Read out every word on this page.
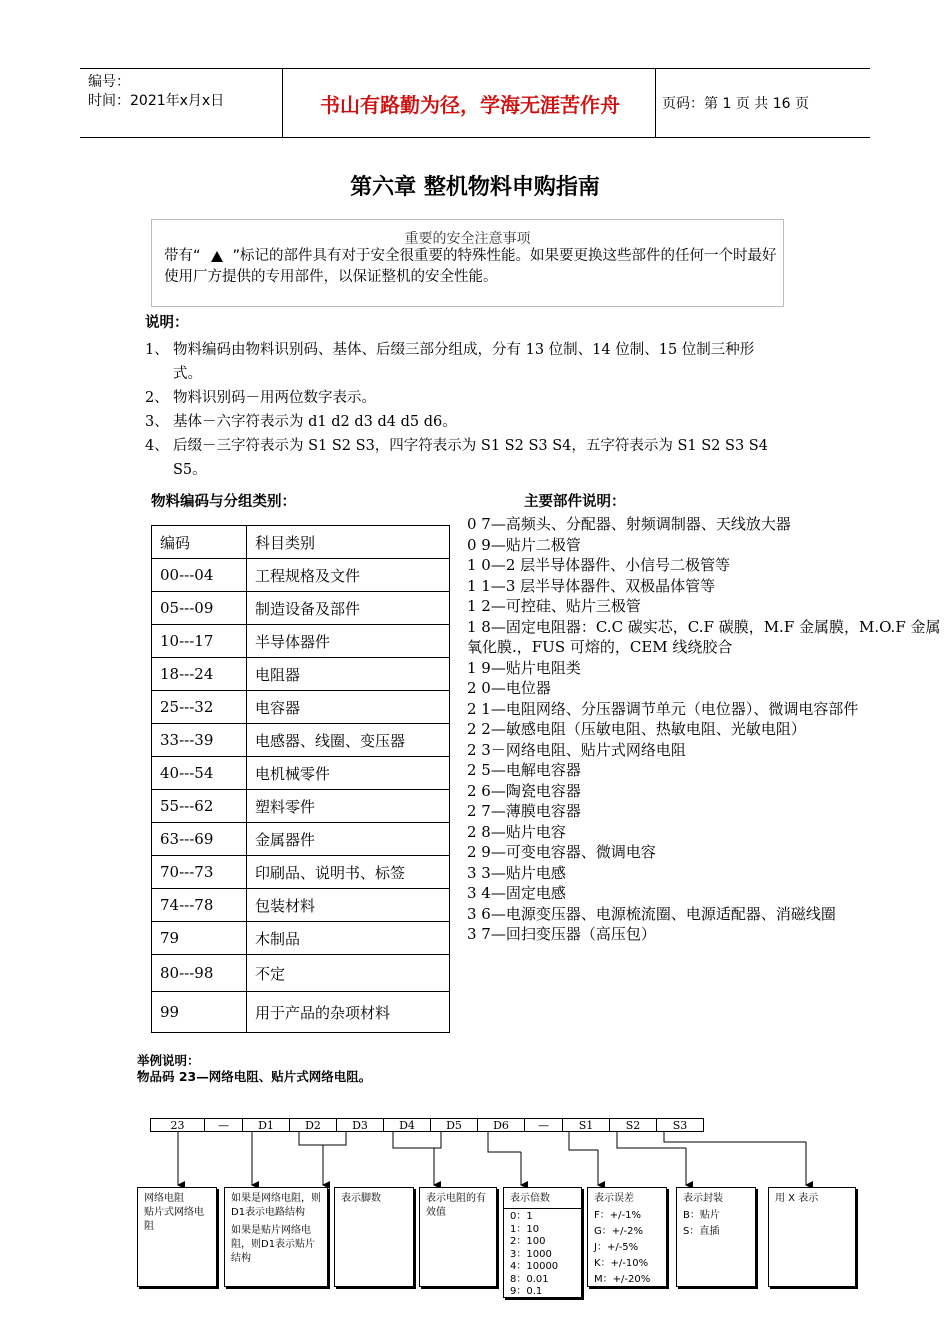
编号：
时间：2021年x月x日	书山有路勤为径，学海无涯苦作舟	页码：第 1 页 共 16 页
第六章 整机物料申购指南
重要的安全注意事项
带有“ ”标记的部件具有对于安全很重要的特殊性能。如果要更换这些部件的任何一个时最好使用厂方提供的专用部件，以保证整机的安全性能。
说明：
1、 物料编码由物料识别码、基体、后缀三部分组成，分有 13 位制、14 位制、15 位制三种形式。
2、 物料识别码－用两位数字表示。
3、 基体－六字符表示为 d1 d2 d3 d4 d5 d6。
4、 后缀－三字符表示为 S1 S2 S3，四字符表示为 S1 S2 S3 S4，五字符表示为 S1 S2 S3 S4 S5。
物料编码与分组类别：	主要部件说明：
编码	科目类别
00---04	工程规格及文件
05---09	制造设备及部件
10---17	半导体器件
18---24	电阻器
25---32	电容器
33---39	电感器、线圈、变压器
40---54	电机械零件
55---62	塑料零件
63---69	金属器件
70---73	印刷品、说明书、标签
74---78	包装材料
79	木制品
80---98	不定
99	用于产品的杂项材料
0 7—高频头、分配器、射频调制器、天线放大器
0 9—贴片二极管
1 0—2 层半导体器件、小信号二极管等
1 1—3 层半导体器件、双极晶体管等
1 2—可控硅、贴片三极管
1 8—固定电阻器：C.C 碳实芯，C.F 碳膜，M.F 金属膜，M.O.F 金属氧化膜.，FUS 可熔的，CEM 线绕胶合
1 9—贴片电阻类
2 0—电位器
2 1—电阻网络、分压器调节单元（电位器）、微调电容部件
2 2—敏感电阻（压敏电阻、热敏电阻、光敏电阻）
2 3－网络电阻、贴片式网络电阻
2 5—电解电容器
2 6—陶瓷电容器
2 7—薄膜电容器
2 8—贴片电容
2 9—可变电容器、微调电容
3 3—贴片电感
3 4—固定电感
3 6—电源变压器、电源梳流圈、电源适配器、消磁线圈
3 7—回扫变压器（高压包）
举例说明：
物品码 23—网络电阻、贴片式网络电阻。
23	—	D1	D2	D3	D4	D5	D6	—	S1	S2	S3
网络电阻
贴片式网络电阻
如果是网络电阻，则D1表示电路结构
如果是贴片网络电阻，则D1表示贴片结构
表示脚数	表示电阻的有效值
表示倍数
0：1
1：10
2：100
3：1000
4：10000
8：0.01
9：0.1
表示误差
F：+/-1%
G：+/-2%
J：+/-5%
K：+/-10%
M：+/-20%
表示封装
B：贴片
S：直插
用 X 表示
